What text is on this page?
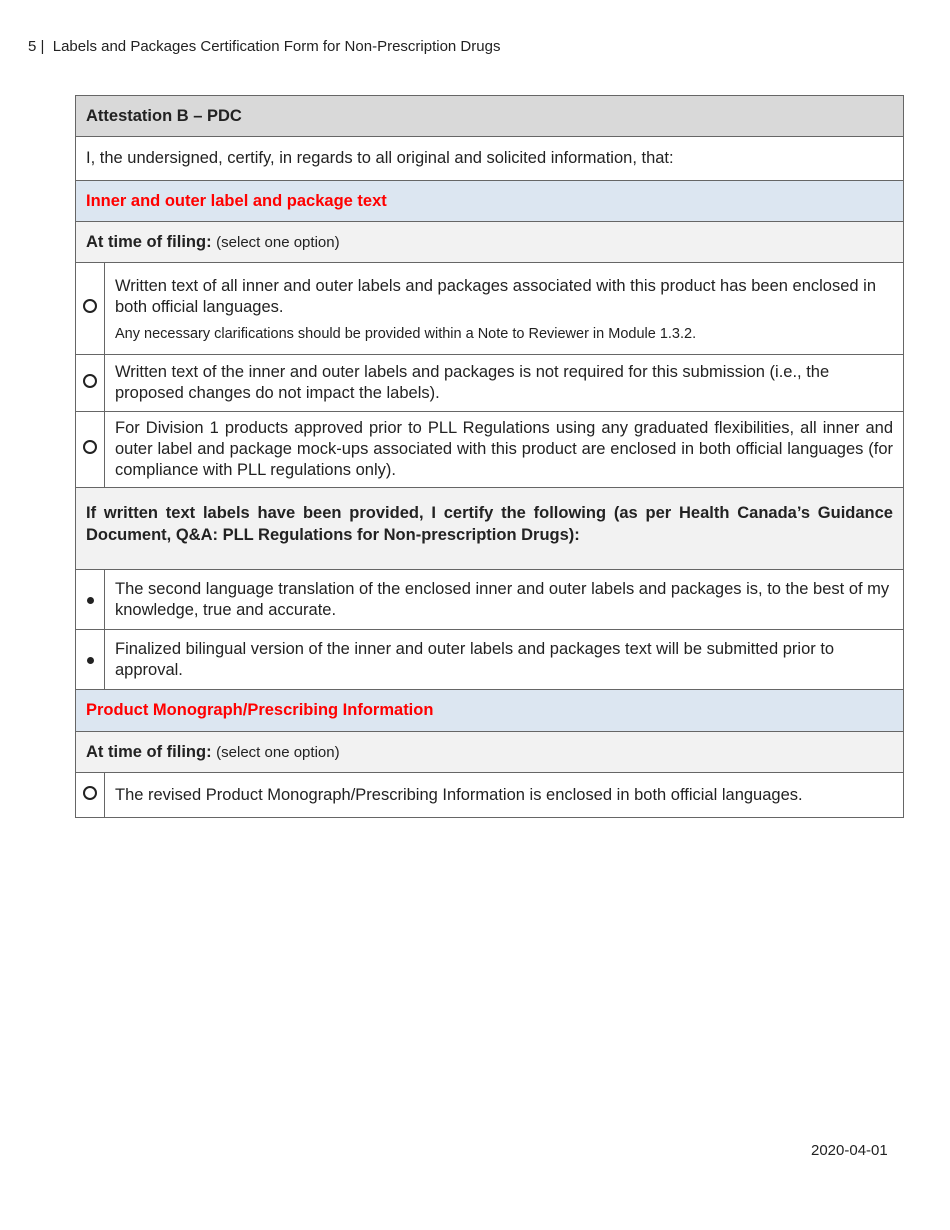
5 | Labels and Packages Certification Form for Non-Prescription Drugs
Attestation B – PDC	
I, the undersigned, certify, in regards to all original and solicited information, that:	
Inner and outer label and package text	
At time of filing: (select one option)	

	Written text of all inner and outer labels and packages associated with this product has been enclosed in both official languages.
Any necessary clarifications should be provided within a Note to Reviewer in Module 1.3.2.

	Written text of the inner and outer labels and packages is not required for this submission (i.e., the proposed changes do not impact the labels).
	For Division 1 products approved prior to PLL Regulations using any graduated flexibilities, all inner and outer label and package mock-ups associated with this product are enclosed in both official languages (for compliance with PLL regulations only).

If written text labels have been provided, I certify the following (as per Health Canada’s Guidance Document, Q&A: PLL Regulations for Non-prescription Drugs):	

	The second language translation of the enclosed inner and outer labels and packages is, to the best of my knowledge, true and accurate.
	Finalized bilingual version of the inner and outer labels and packages text will be submitted prior to approval.
Product Monograph/Prescribing Information	
At time of filing: (select one option)	
	The revised Product Monograph/Prescribing Information is enclosed in both official languages.
2020-04-01
